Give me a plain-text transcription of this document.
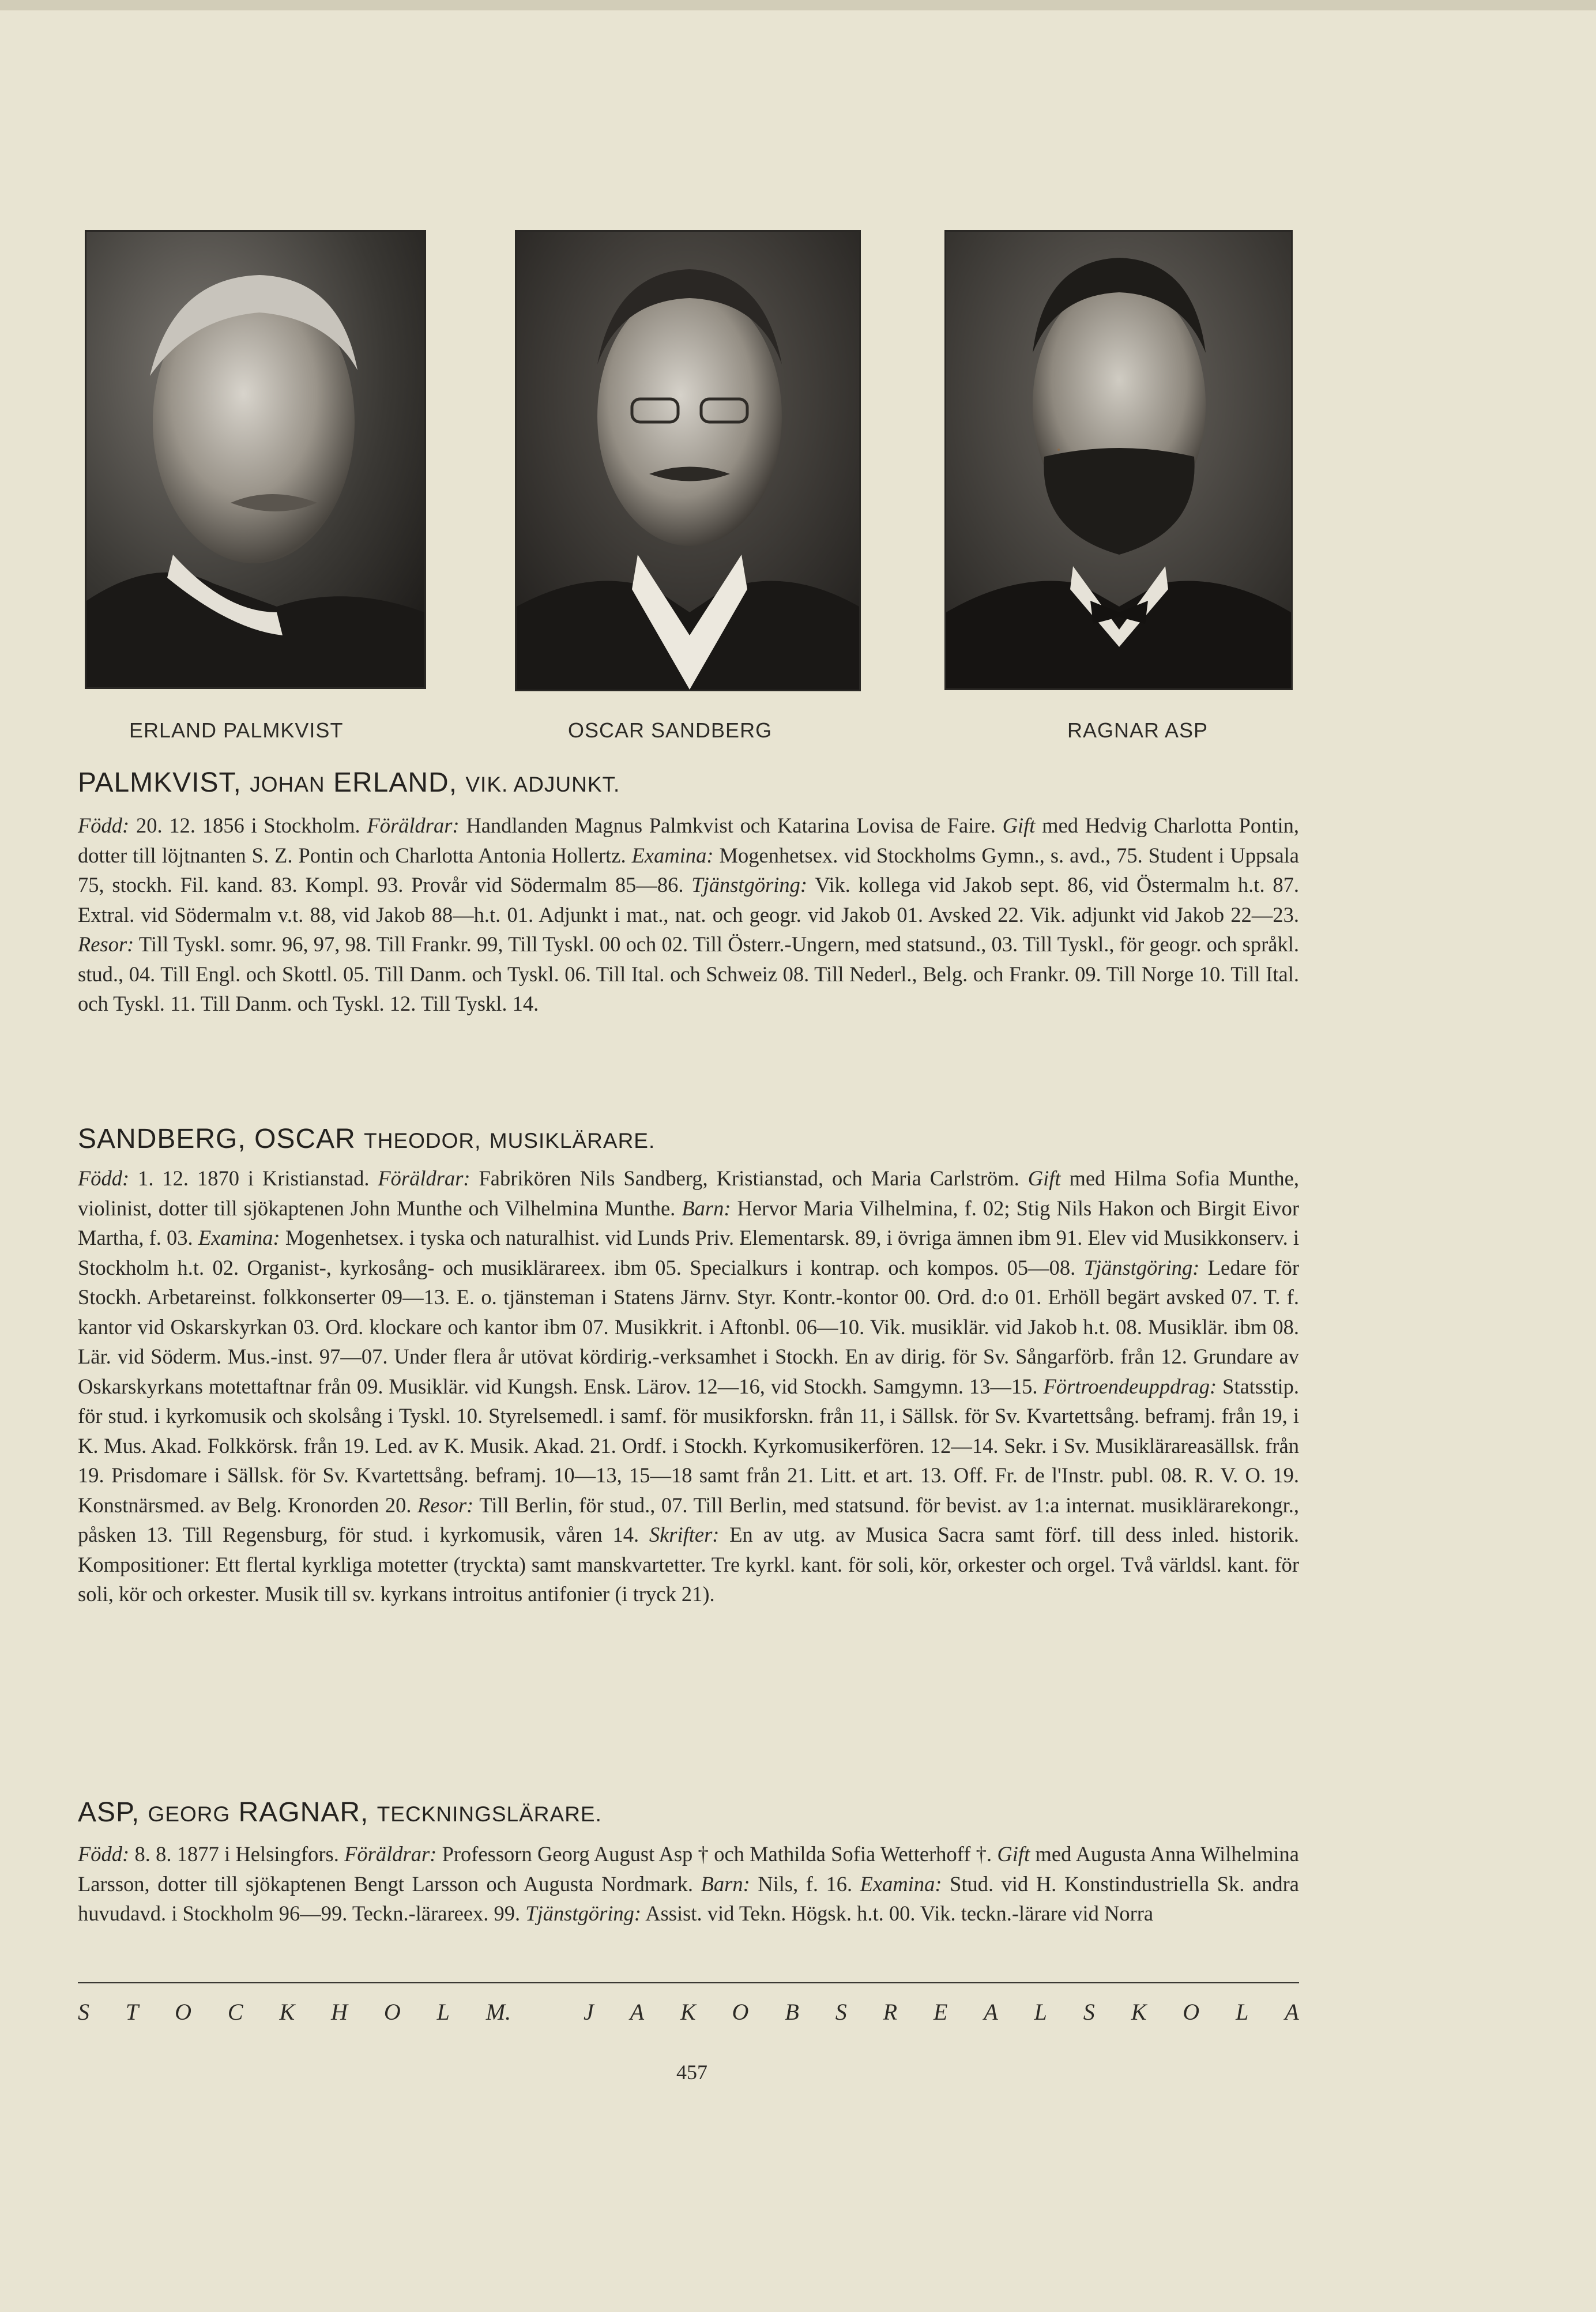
ERLAND PALMKVIST	OSCAR SANDBERG	RAGNAR ASP
PALMKVIST, JOHAN ERLAND, VIK. ADJUNKT.
Född: 20. 12. 1856 i Stockholm. Föräldrar: Handlanden Magnus Palmkvist och Katarina Lovisa de Faire. Gift med Hedvig Charlotta Pontin, dotter till löjtnanten S. Z. Pontin och Charlotta Antonia Hollertz. Examina: Mogenhetsex. vid Stockholms Gymn., s. avd., 75. Student i Uppsala 75, stockh. Fil. kand. 83. Kompl. 93. Provår vid Södermalm 85—86. Tjänstgöring: Vik. kollega vid Jakob sept. 86, vid Östermalm h.t. 87. Extral. vid Södermalm v.t. 88, vid Jakob 88—h.t. 01. Adjunkt i mat., nat. och geogr. vid Jakob 01. Avsked 22. Vik. adjunkt vid Jakob 22—23. Resor: Till Tyskl. somr. 96, 97, 98. Till Frankr. 99, Till Tyskl. 00 och 02. Till Österr.-Ungern, med statsund., 03. Till Tyskl., för geogr. och språkl. stud., 04. Till Engl. och Skottl. 05. Till Danm. och Tyskl. 06. Till Ital. och Schweiz 08. Till Nederl., Belg. och Frankr. 09. Till Norge 10. Till Ital. och Tyskl. 11. Till Danm. och Tyskl. 12. Till Tyskl. 14.
SANDBERG, OSCAR THEODOR, MUSIKLÄRARE.
Född: 1. 12. 1870 i Kristianstad. Föräldrar: Fabrikören Nils Sandberg, Kristianstad, och Maria Carlström. Gift med Hilma Sofia Munthe, violinist, dotter till sjökaptenen John Munthe och Vilhelmina Munthe. Barn: Hervor Maria Vilhelmina, f. 02; Stig Nils Hakon och Birgit Eivor Martha, f. 03. Examina: Mogenhetsex. i tyska och naturalhist. vid Lunds Priv. Elementarsk. 89, i övriga ämnen ibm 91. Elev vid Musikkonserv. i Stockholm h.t. 02. Organist-, kyrkosång- och musiklärareex. ibm 05. Specialkurs i kontrap. och kompos. 05—08. Tjänstgöring: Ledare för Stockh. Arbetareinst. folkkonserter 09—13. E. o. tjänsteman i Statens Järnv. Styr. Kontr.-kontor 00. Ord. d:o 01. Erhöll begärt avsked 07. T. f. kantor vid Oskarskyrkan 03. Ord. klockare och kantor ibm 07. Musikkrit. i Aftonbl. 06—10. Vik. musiklär. vid Jakob h.t. 08. Musiklär. ibm 08. Lär. vid Söderm. Mus.-inst. 97—07. Under flera år utövat kördirig.-verksamhet i Stockh. En av dirig. för Sv. Sångarförb. från 12. Grundare av Oskarskyrkans motettaftnar från 09. Musiklär. vid Kungsh. Ensk. Lärov. 12—16, vid Stockh. Samgymn. 13—15. Förtroendeuppdrag: Statsstip. för stud. i kyrkomusik och skolsång i Tyskl. 10. Styrelsemedl. i samf. för musikforskn. från 11, i Sällsk. för Sv. Kvartettsång. beframj. från 19, i K. Mus. Akad. Folkkörsk. från 19. Led. av K. Musik. Akad. 21. Ordf. i Stockh. Kyrkomusikerfören. 12—14. Sekr. i Sv. Musiklärareasällsk. från 19. Prisdomare i Sällsk. för Sv. Kvartettsång. beframj. 10—13, 15—18 samt från 21. Litt. et art. 13. Off. Fr. de l'Instr. publ. 08. R. V. O. 19. Konstnärsmed. av Belg. Kronorden 20. Resor: Till Berlin, för stud., 07. Till Berlin, med statsund. för bevist. av 1:a internat. musiklärarekongr., påsken 13. Till Regensburg, för stud. i kyrkomusik, våren 14. Skrifter: En av utg. av Musica Sacra samt förf. till dess inled. historik. Kompositioner: Ett flertal kyrkliga motetter (tryckta) samt manskvartetter. Tre kyrkl. kant. för soli, kör, orkester och orgel. Två världsl. kant. för soli, kör och orkester. Musik till sv. kyrkans introitus antifonier (i tryck 21).
ASP, GEORG RAGNAR, TECKNINGSLÄRARE.
Född: 8. 8. 1877 i Helsingfors. Föräldrar: Professorn Georg August Asp † och Mathilda Sofia Wetterhoff †. Gift med Augusta Anna Wilhelmina Larsson, dotter till sjökaptenen Bengt Larsson och Augusta Nordmark. Barn: Nils, f. 16. Examina: Stud. vid H. Konstindustriella Sk. andra huvudavd. i Stockholm 96—99. Teckn.-lärareex. 99. Tjänstgöring: Assist. vid Tekn. Högsk. h.t. 00. Vik. teckn.-lärare vid Norra
S T O C K H O L M.	J A K O B S R E A L S K O L A
457
